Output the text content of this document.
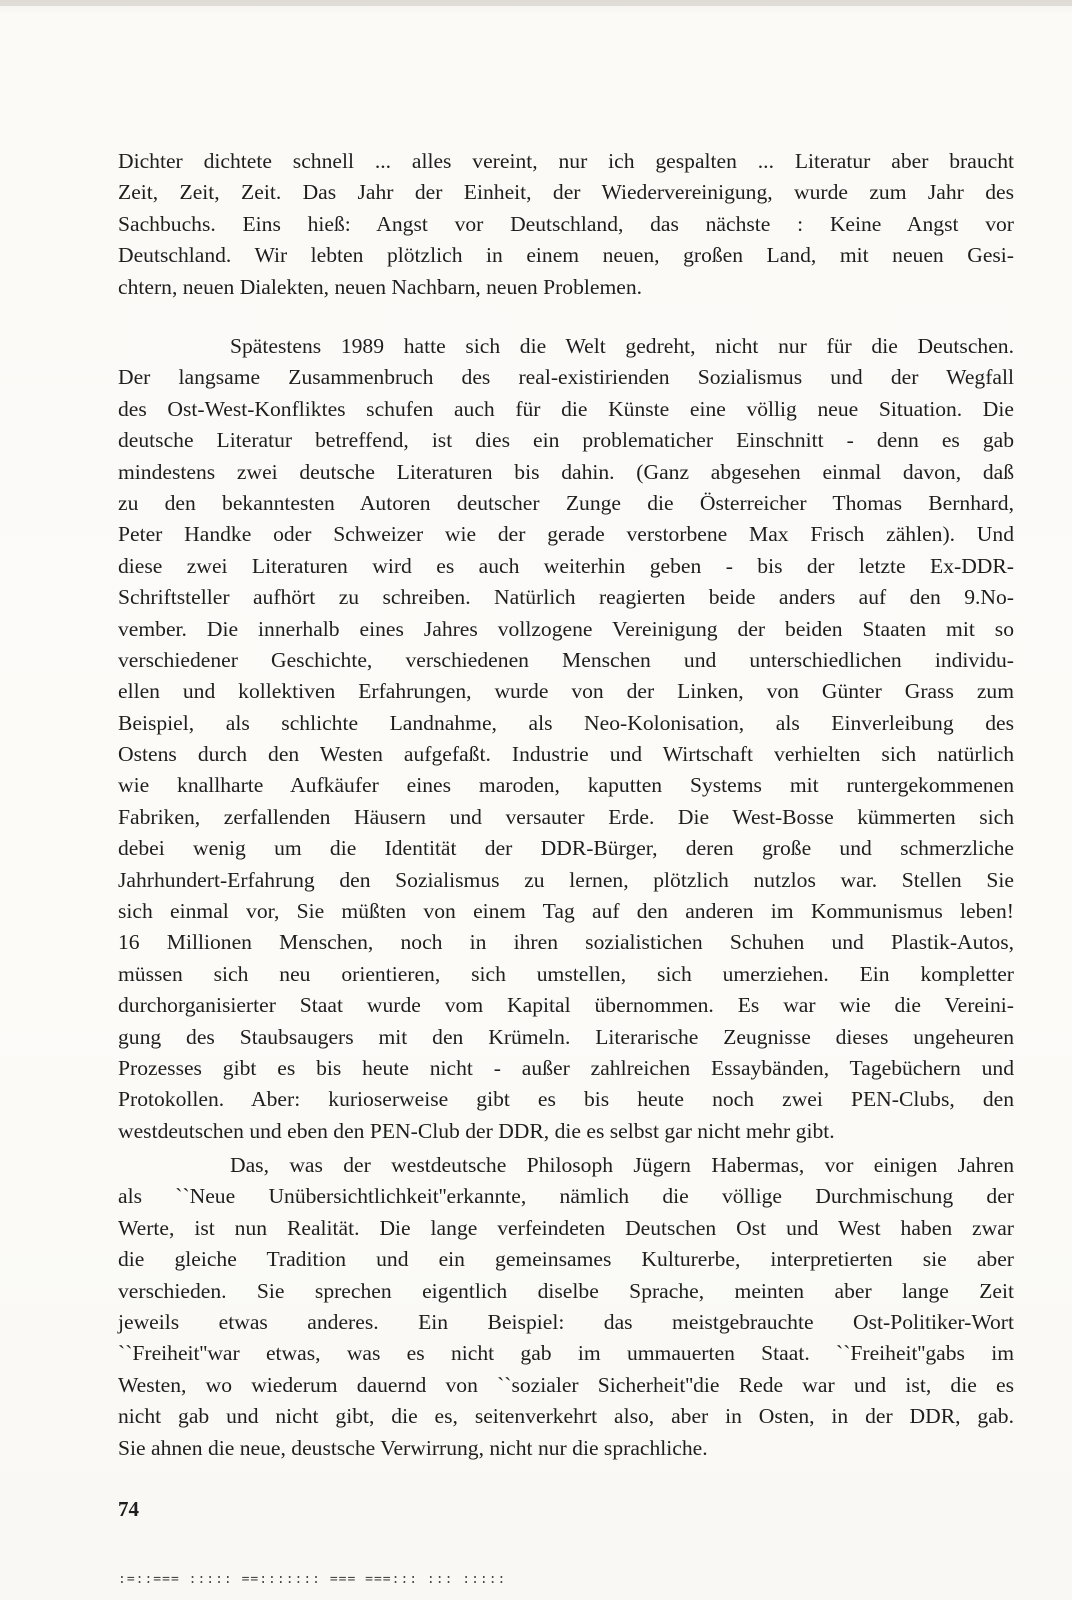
Dichter dichtete schnell ... alles vereint, nur ich gespalten ... Literatur aber braucht
Zeit, Zeit, Zeit. Das Jahr der Einheit, der Wiedervereinigung, wurde zum Jahr des
Sachbuchs. Eins hieß: Angst vor Deutschland, das nächste : Keine Angst vor
Deutschland. Wir lebten plötzlich in einem neuen, großen Land, mit neuen Gesi-
chtern, neuen Dialekten, neuen Nachbarn, neuen Problemen.
Spätestens 1989 hatte sich die Welt gedreht, nicht nur für die Deutschen.
Der langsame Zusammenbruch des real-existirienden Sozialismus und der Wegfall
des Ost-West-Konfliktes schufen auch für die Künste eine völlig neue Situation. Die
deutsche Literatur betreffend, ist dies ein problematicher Einschnitt - denn es gab
mindestens zwei deutsche Literaturen bis dahin. (Ganz abgesehen einmal davon, daß
zu den bekanntesten Autoren deutscher Zunge die Österreicher Thomas Bernhard,
Peter Handke oder Schweizer wie der gerade verstorbene Max Frisch zählen). Und
diese zwei Literaturen wird es auch weiterhin geben - bis der letzte Ex-DDR-
Schriftsteller aufhört zu schreiben. Natürlich reagierten beide anders auf den 9.No-
vember. Die innerhalb eines Jahres vollzogene Vereinigung der beiden Staaten mit so
verschiedener Geschichte, verschiedenen Menschen und unterschiedlichen individu-
ellen und kollektiven Erfahrungen, wurde von der Linken, von Günter Grass zum
Beispiel, als schlichte Landnahme, als Neo-Kolonisation, als Einverleibung des
Ostens durch den Westen aufgefaßt. Industrie und Wirtschaft verhielten sich natürlich
wie knallharte Aufkäufer eines maroden, kaputten Systems mit runtergekommenen
Fabriken, zerfallenden Häusern und versauter Erde. Die West-Bosse kümmerten sich
debei wenig um die Identität der DDR-Bürger, deren große und schmerzliche
Jahrhundert-Erfahrung den Sozialismus zu lernen, plötzlich nutzlos war. Stellen Sie
sich einmal vor, Sie müßten von einem Tag auf den anderen im Kommunismus leben!
16 Millionen Menschen, noch in ihren sozialistichen Schuhen und Plastik-Autos,
müssen sich neu orientieren, sich umstellen, sich umerziehen. Ein kompletter
durchorganisierter Staat wurde vom Kapital übernommen. Es war wie die Vereini-
gung des Staubsaugers mit den Krümeln. Literarische Zeugnisse dieses ungeheuren
Prozesses gibt es bis heute nicht - außer zahlreichen Essaybänden, Tagebüchern und
Protokollen. Aber: kurioserweise gibt es bis heute noch zwei PEN-Clubs, den
westdeutschen und eben den PEN-Club der DDR, die es selbst gar nicht mehr gibt.
Das, was der westdeutsche Philosoph Jügern Habermas, vor einigen Jahren
als ``Neue Unübersichtlichkeit''erkannte, nämlich die völlige Durchmischung der
Werte, ist nun Realität. Die lange verfeindeten Deutschen Ost und West haben zwar
die gleiche Tradition und ein gemeinsames Kulturerbe, interpretierten sie aber
verschieden. Sie sprechen eigentlich diselbe Sprache, meinten aber lange Zeit
jeweils etwas anderes. Ein Beispiel: das meistgebrauchte Ost-Politiker-Wort
``Freiheit''war etwas, was es nicht gab im ummauerten Staat. ``Freiheit''gabs im
Westen, wo wiederum dauernd von ``sozialer Sicherheit''die Rede war und ist, die es
nicht gab und nicht gibt, die es, seitenverkehrt also, aber in Osten, in der DDR, gab.
Sie ahnen die neue, deustsche Verwirrung, nicht nur die sprachliche.
74
:=::=== ::::: ==::::::: === ===::: ::: :::::
